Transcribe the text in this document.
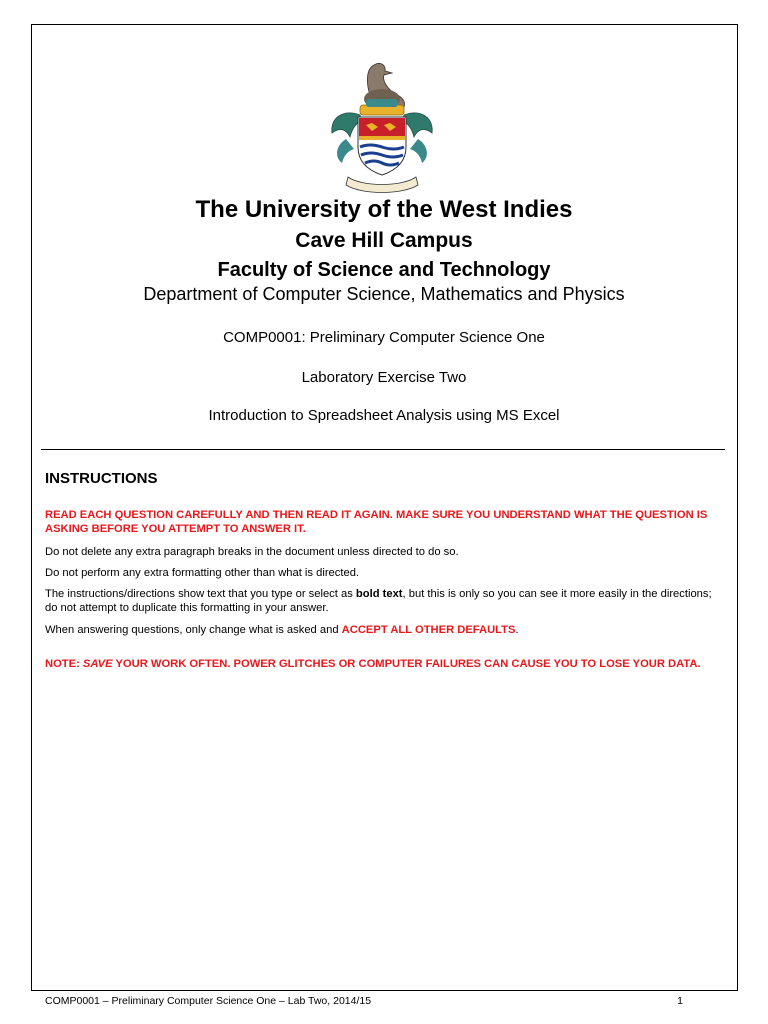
The University of the West Indies
Cave Hill Campus
Faculty of Science and Technology
Department of Computer Science, Mathematics and Physics
COMP0001: Preliminary Computer Science One
Laboratory Exercise Two
Introduction to Spreadsheet Analysis using MS Excel
INSTRUCTIONS
READ EACH QUESTION CAREFULLY AND THEN READ IT AGAIN. MAKE SURE YOU UNDERSTAND WHAT THE QUESTION IS ASKING BEFORE YOU ATTEMPT TO ANSWER IT.
Do not delete any extra paragraph breaks in the document unless directed to do so.
Do not perform any extra formatting other than what is directed.
The instructions/directions show text that you type or select as bold text, but this is only so you can see it more easily in the directions; do not attempt to duplicate this formatting in your answer.
When answering questions, only change what is asked and ACCEPT ALL OTHER DEFAULTS.
NOTE: SAVE YOUR WORK OFTEN. POWER GLITCHES OR COMPUTER FAILURES CAN CAUSE YOU TO LOSE YOUR DATA.
COMP0001 – Preliminary Computer Science One – Lab Two, 2014/15	1
